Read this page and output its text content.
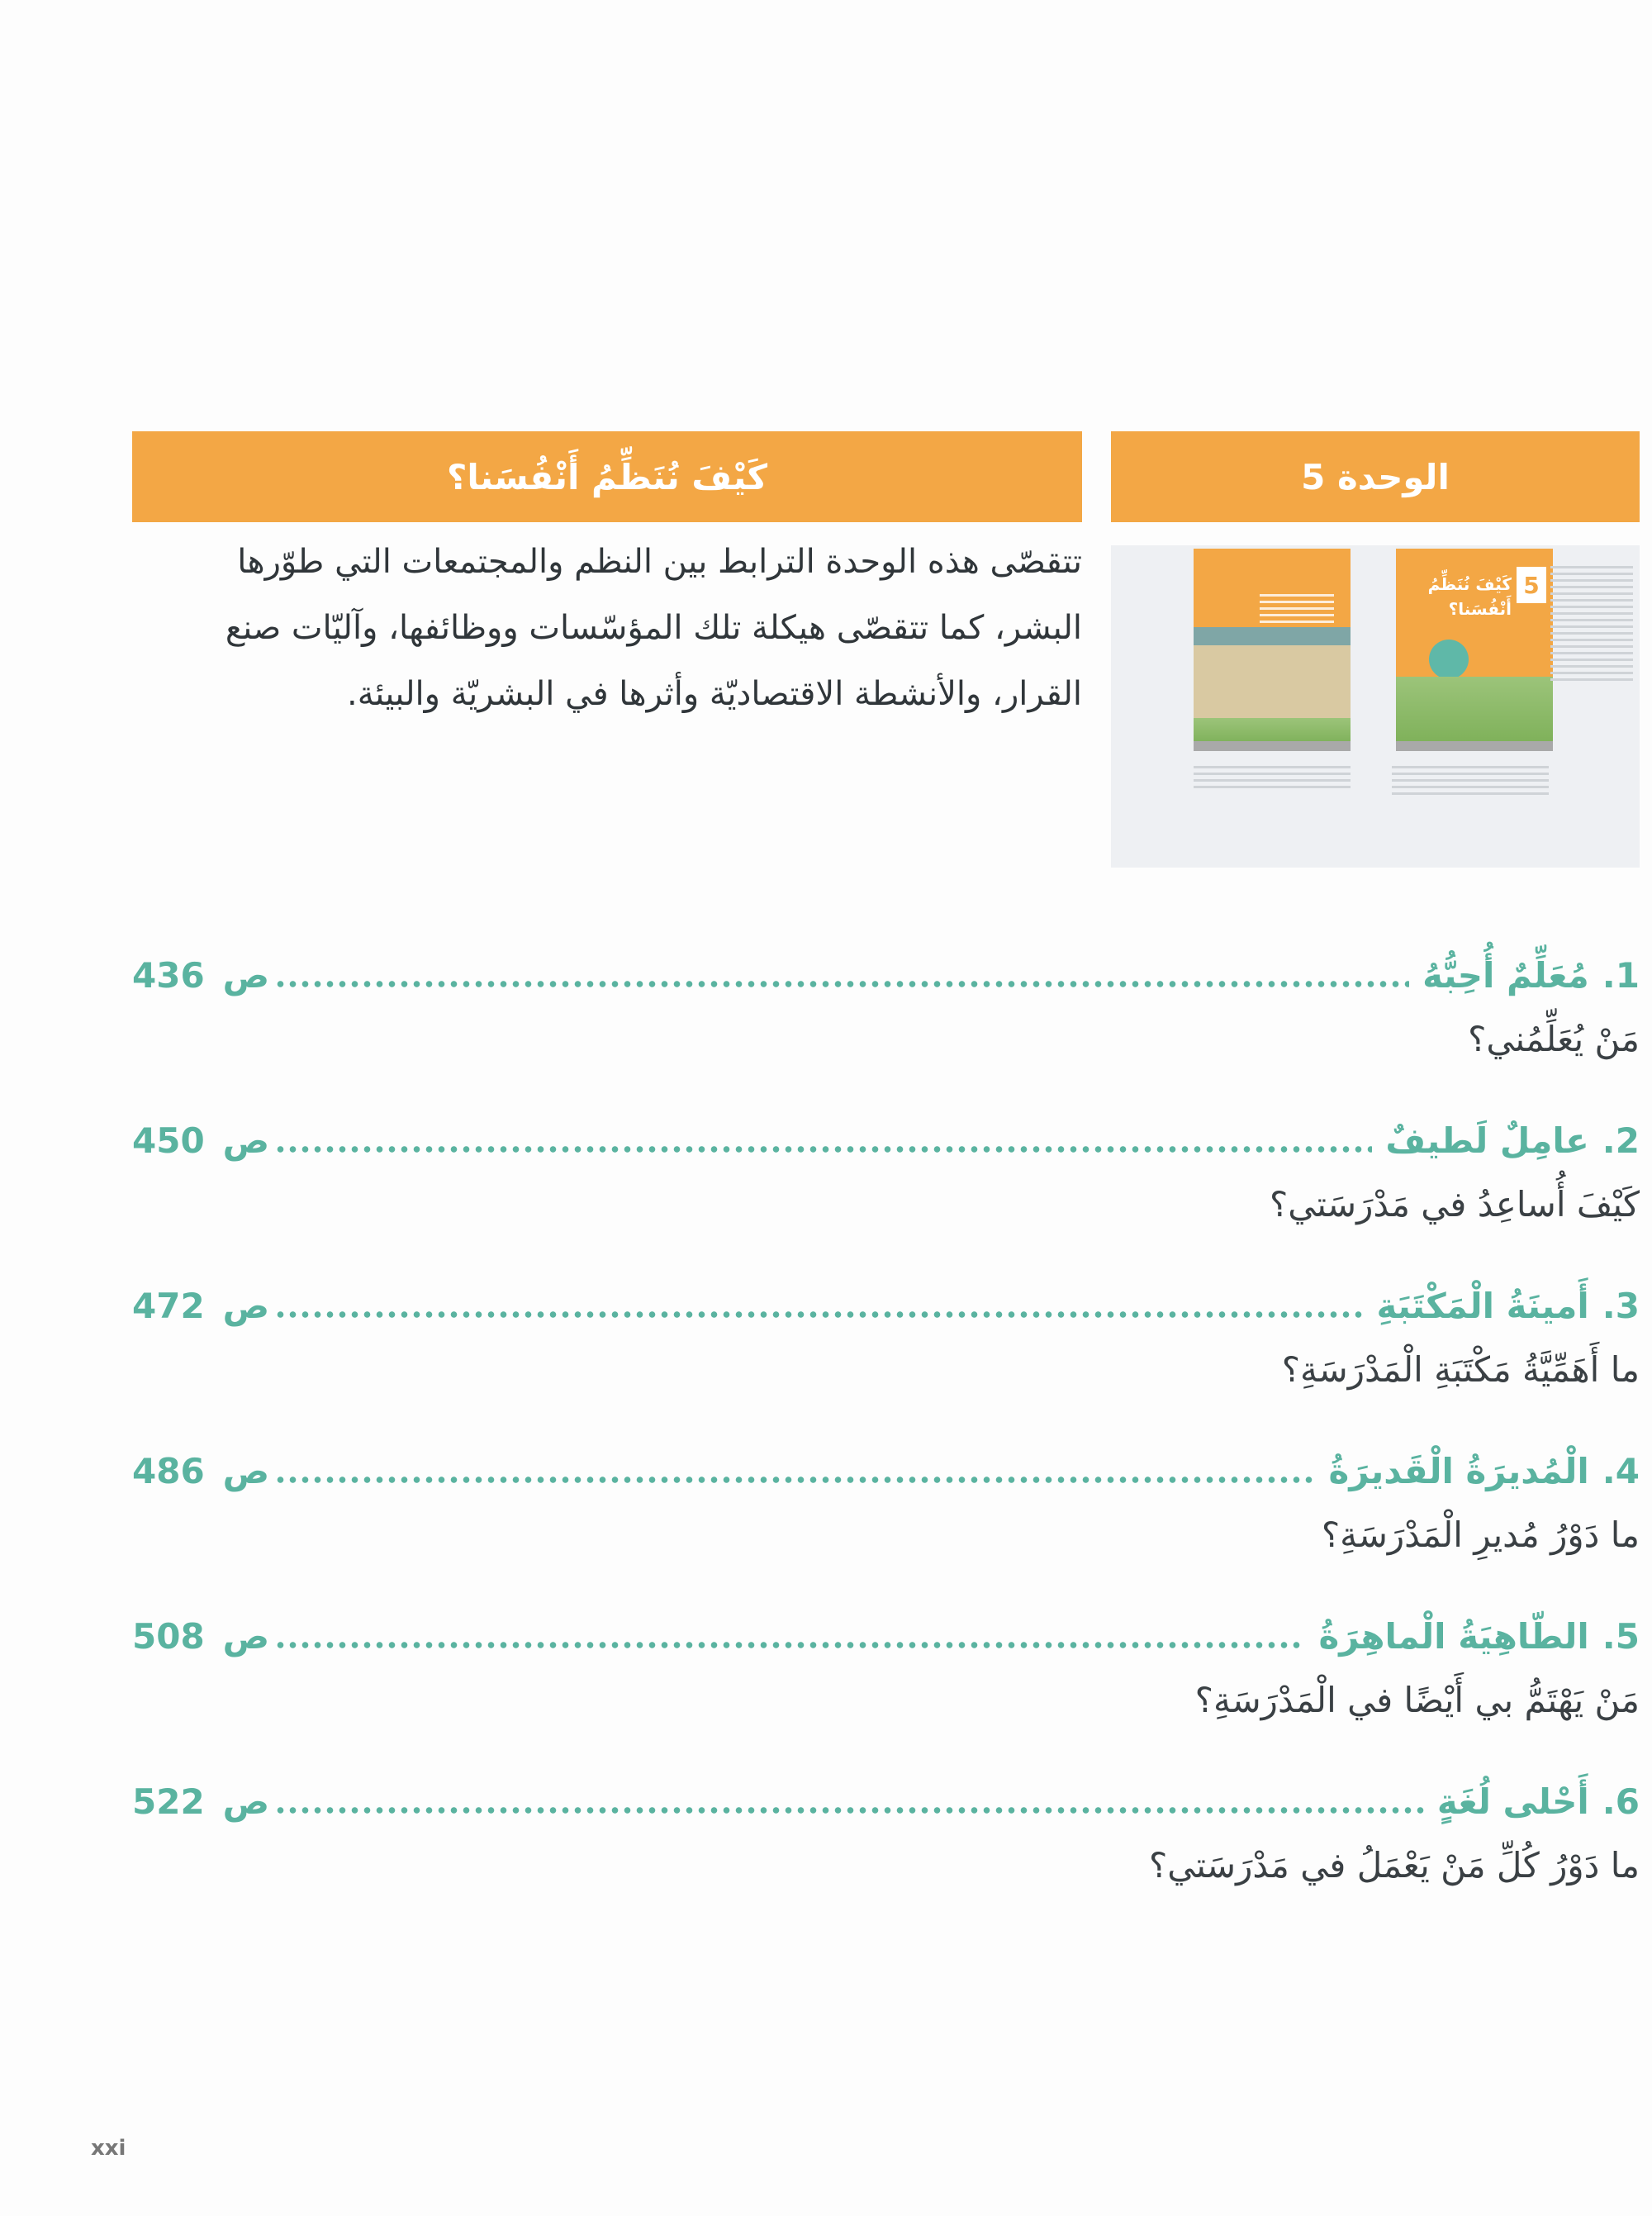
الوحدة 5
كَيْفَ نُنَظِّمُ أَنْفُسَنا؟
5
كَيْفَ نُنَظِّمُ أَنْفُسَنا؟
تتقصّى هذه الوحدة الترابط بين النظم والمجتمعات التي طوّرها البشر، كما تتقصّى هيكلة تلك المؤسّسات ووظائفها، وآليّات صنع القرار، والأنشطة الاقتصاديّة وأثرها في البشريّة والبيئة.
1.
مُعَلِّمٌ أُحِبُّهُ
ص
436
مَنْ يُعَلِّمُني؟
2.
عامِلٌ لَطيفٌ
ص
450
كَيْفَ أُساعِدُ في مَدْرَسَتي؟
3.
أَمينَةُ الْمَكْتَبَةِ
ص
472
ما أَهَمِّيَّةُ مَكْتَبَةِ الْمَدْرَسَةِ؟
4.
الْمُديرَةُ الْقَديرَةُ
ص
486
ما دَوْرُ مُديرِ الْمَدْرَسَةِ؟
5.
الطّاهِيَةُ الْماهِرَةُ
ص
508
مَنْ يَهْتَمُّ بي أَيْضًا في الْمَدْرَسَةِ؟
6.
أَحْلى لُغَةٍ
ص
522
ما دَوْرُ كُلِّ مَنْ يَعْمَلُ في مَدْرَسَتي؟
xxi
